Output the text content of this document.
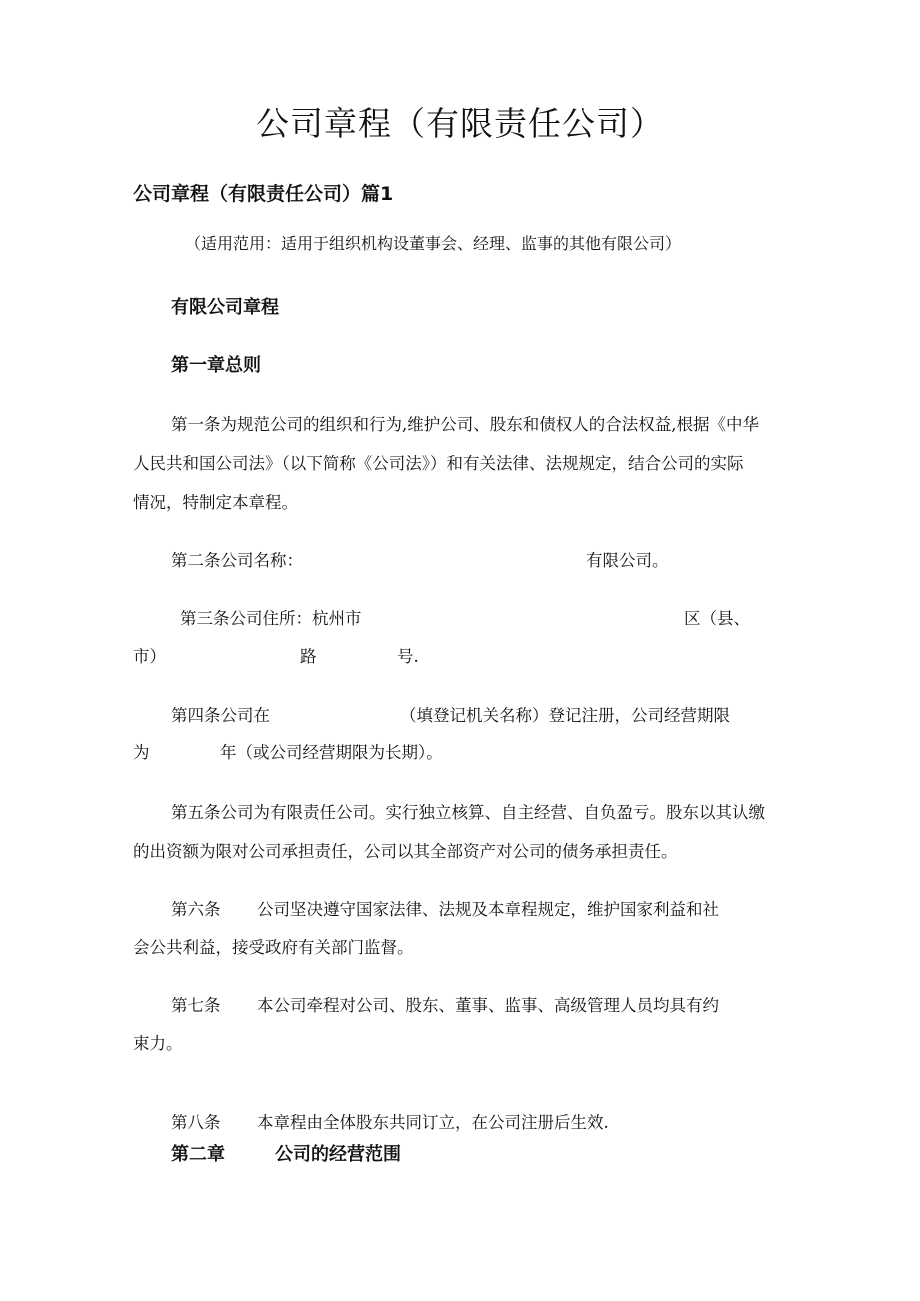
公司章程（有限责任公司）
公司章程（有限责任公司）篇1
（适用范用：适用于组织机构设董事会、经理、监事的其他有限公司）
有限公司章程
第一章总则
第一条为规范公司的组织和行为,维护公司、股东和债权人的合法权益,根据《中华
人民共和国公司法》（以下简称《公司法》）和有关法律、法规规定，结合公司的实际
情况，特制定本章程。
第二条公司名称：	有限公司。
第三条公司住所：杭州市	区（县、
市）	路	号.
第四条公司在	（填登记机关名称）登记注册，公司经营期限
为	年（或公司经营期限为长期）。
第五条公司为有限责任公司。实行独立核算、自主经营、自负盈亏。股东以其认缴
的出资额为限对公司承担责任，公司以其全部资产对公司的债务承担责任。
第六条 公司坚决遵守国家法律、法规及本章程规定，维护国家利益和社
会公共利益，接受政府有关部门监督。
第七条 本公司牵程对公司、股东、董事、监事、高级管理人员均具有约
束力。
第八条 本章程由全体股东共同订立，在公司注册后生效.
第二章	公司的经营范围
